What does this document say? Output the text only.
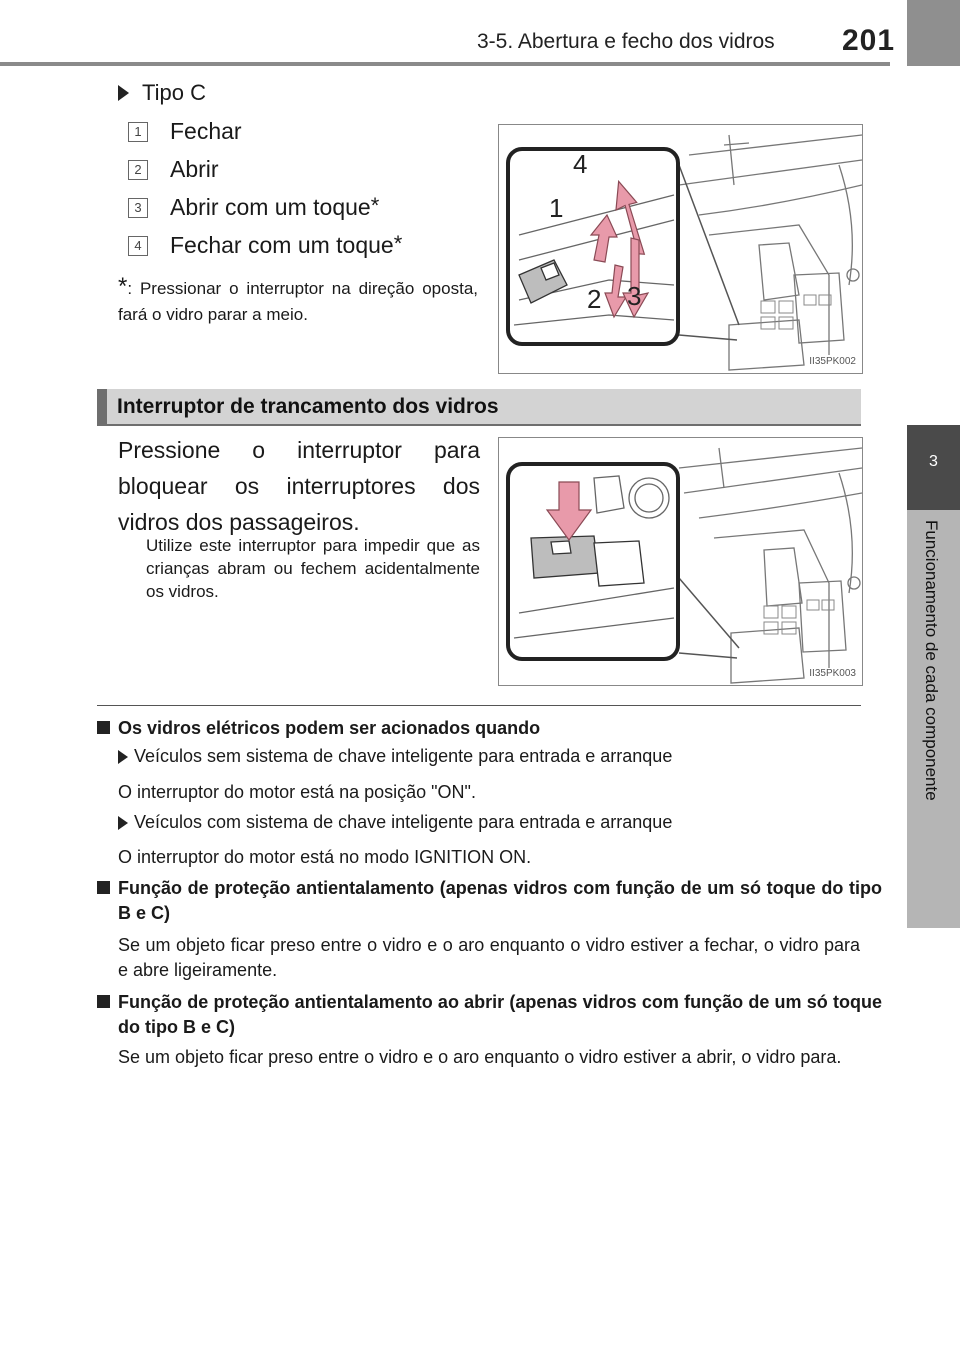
3-5. Abertura e fecho dos vidros 201
3
Funcionamento de cada componente
Tipo C
1 Fechar
2 Abrir
3 Abrir com um toque*
4 Fechar com um toque*
*: Pressionar o interruptor na direção oposta, fará o vidro parar a meio.
1
2 3
4
II35PK002
Interruptor de trancamento dos vidros
Pressione o interruptor para bloquear os interruptores dos vidros dos passageiros.
Utilize este interruptor para impedir que as crianças abram ou fechem acidentalmente os vidros.
II35PK003
Os vidros elétricos podem ser acionados quando
Veículos sem sistema de chave inteligente para entrada e arranque
O interruptor do motor está na posição "ON".
Veículos com sistema de chave inteligente para entrada e arranque
O interruptor do motor está no modo IGNITION ON.
Função de proteção antientalamento (apenas vidros com função de um só toque do tipo B e C)
Se um objeto ficar preso entre o vidro e o aro enquanto o vidro estiver a fechar, o vidro para e abre ligeiramente.
Função de proteção antientalamento ao abrir (apenas vidros com função de um só toque do tipo B e C)
Se um objeto ficar preso entre o vidro e o aro enquanto o vidro estiver a abrir, o vidro para.
